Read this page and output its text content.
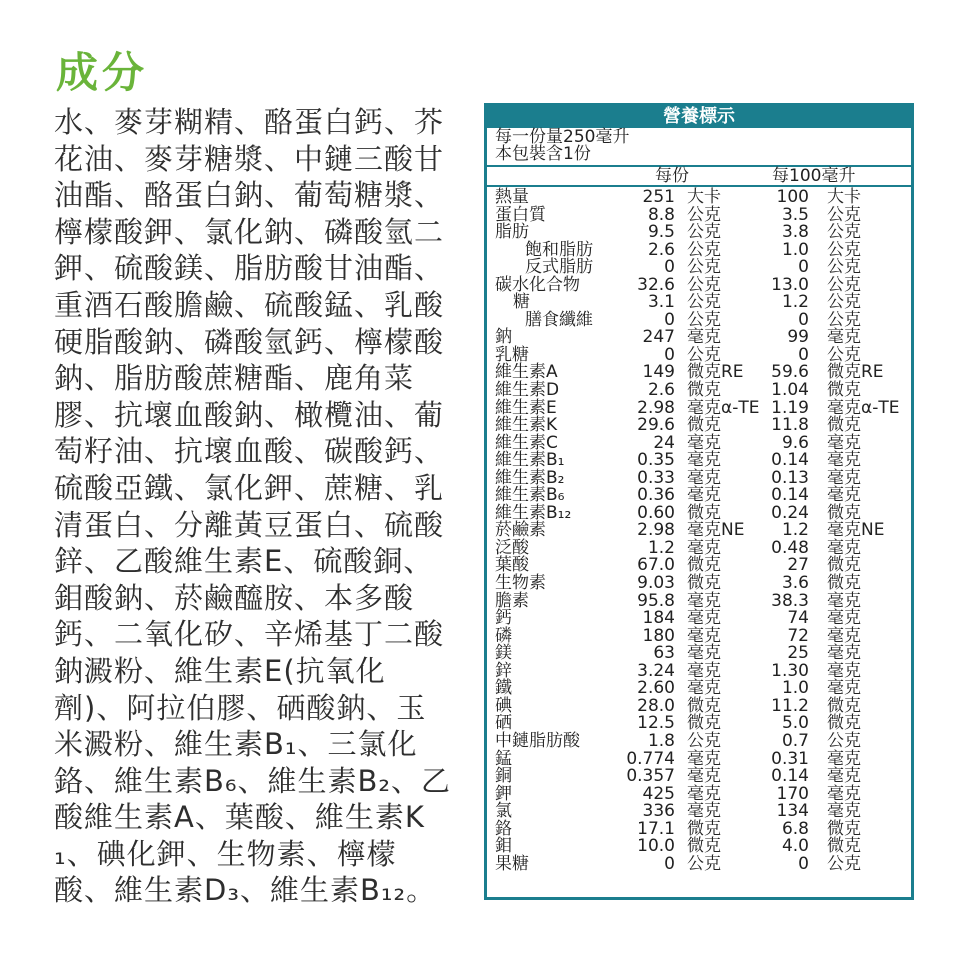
成分
水、麥芽糊精、酪蛋白鈣、芥花油、麥芽糖漿、中鏈三酸甘油酯、酪蛋白鈉、葡萄糖漿、檸檬酸鉀、氯化鈉、磷酸氫二鉀、硫酸鎂、脂肪酸甘油酯、重酒石酸膽鹼、硫酸錳、乳酸硬脂酸鈉、磷酸氫鈣、檸檬酸鈉、脂肪酸蔗糖酯、鹿角菜膠、抗壞血酸鈉、橄欖油、葡萄籽油、抗壞血酸、碳酸鈣、硫酸亞鐵、氯化鉀、蔗糖、乳清蛋白、分離黃豆蛋白、硫酸鋅、乙酸維生素E、硫酸銅、鉬酸鈉、菸鹼醯胺、本多酸鈣、二氧化矽、辛烯基丁二酸鈉澱粉、維生素E(抗氧化劑)、阿拉伯膠、硒酸鈉、玉米澱粉、維生素B₁、三氯化鉻、維生素B₆、維生素B₂、乙酸維生素A、葉酸、維生素K₁、碘化鉀、生物素、檸檬酸、維生素D₃、維生素B₁₂。
營養標示
每一份量250毫升
本包裝含1份
每份	每100毫升
熱量	251 大卡	100 大卡
蛋白質	8.8 公克	3.5 公克
脂肪	9.5 公克	3.8 公克
飽和脂肪	2.6 公克	1.0 公克
反式脂肪	0 公克	0 公克
碳水化合物	32.6 公克	13.0 公克
糖	3.1 公克	1.2 公克
膳食纖維	0 公克	0 公克
鈉	247 毫克	99 毫克
乳糖	0 公克	0 公克
維生素A	149 微克RE	59.6 微克RE
維生素D	2.6 微克	1.04 微克
維生素E	2.98 毫克α-TE 1.19 毫克α-TE
維生素K	29.6 微克	11.8 微克
維生素C	24 毫克	9.6 毫克
維生素B₁	0.35 毫克	0.14 毫克
維生素B₂	0.33 毫克	0.13 毫克
維生素B₆	0.36 毫克	0.14 毫克
維生素B₁₂	0.60 微克	0.24 微克
菸鹼素	2.98 毫克NE	1.2 毫克NE
泛酸	1.2 毫克	0.48 毫克
葉酸	67.0 微克	27 微克
生物素	9.03 微克	3.6 微克
膽素	95.8 毫克	38.3 毫克
鈣	184 毫克	74 毫克
磷	180 毫克	72 毫克
鎂	63 毫克	25 毫克
鋅	3.24 毫克	1.30 毫克
鐵	2.60 毫克	1.0 毫克
碘	28.0 微克	11.2 微克
硒	12.5 微克	5.0 微克
中鏈脂肪酸	1.8 公克	0.7 公克
錳	0.774 毫克	0.31 毫克
銅	0.357 毫克	0.14 毫克
鉀	425 毫克	170 毫克
氯	336 毫克	134 毫克
鉻	17.1 微克	6.8 微克
鉬	10.0 微克	4.0 微克
果糖	0 公克	0 公克
